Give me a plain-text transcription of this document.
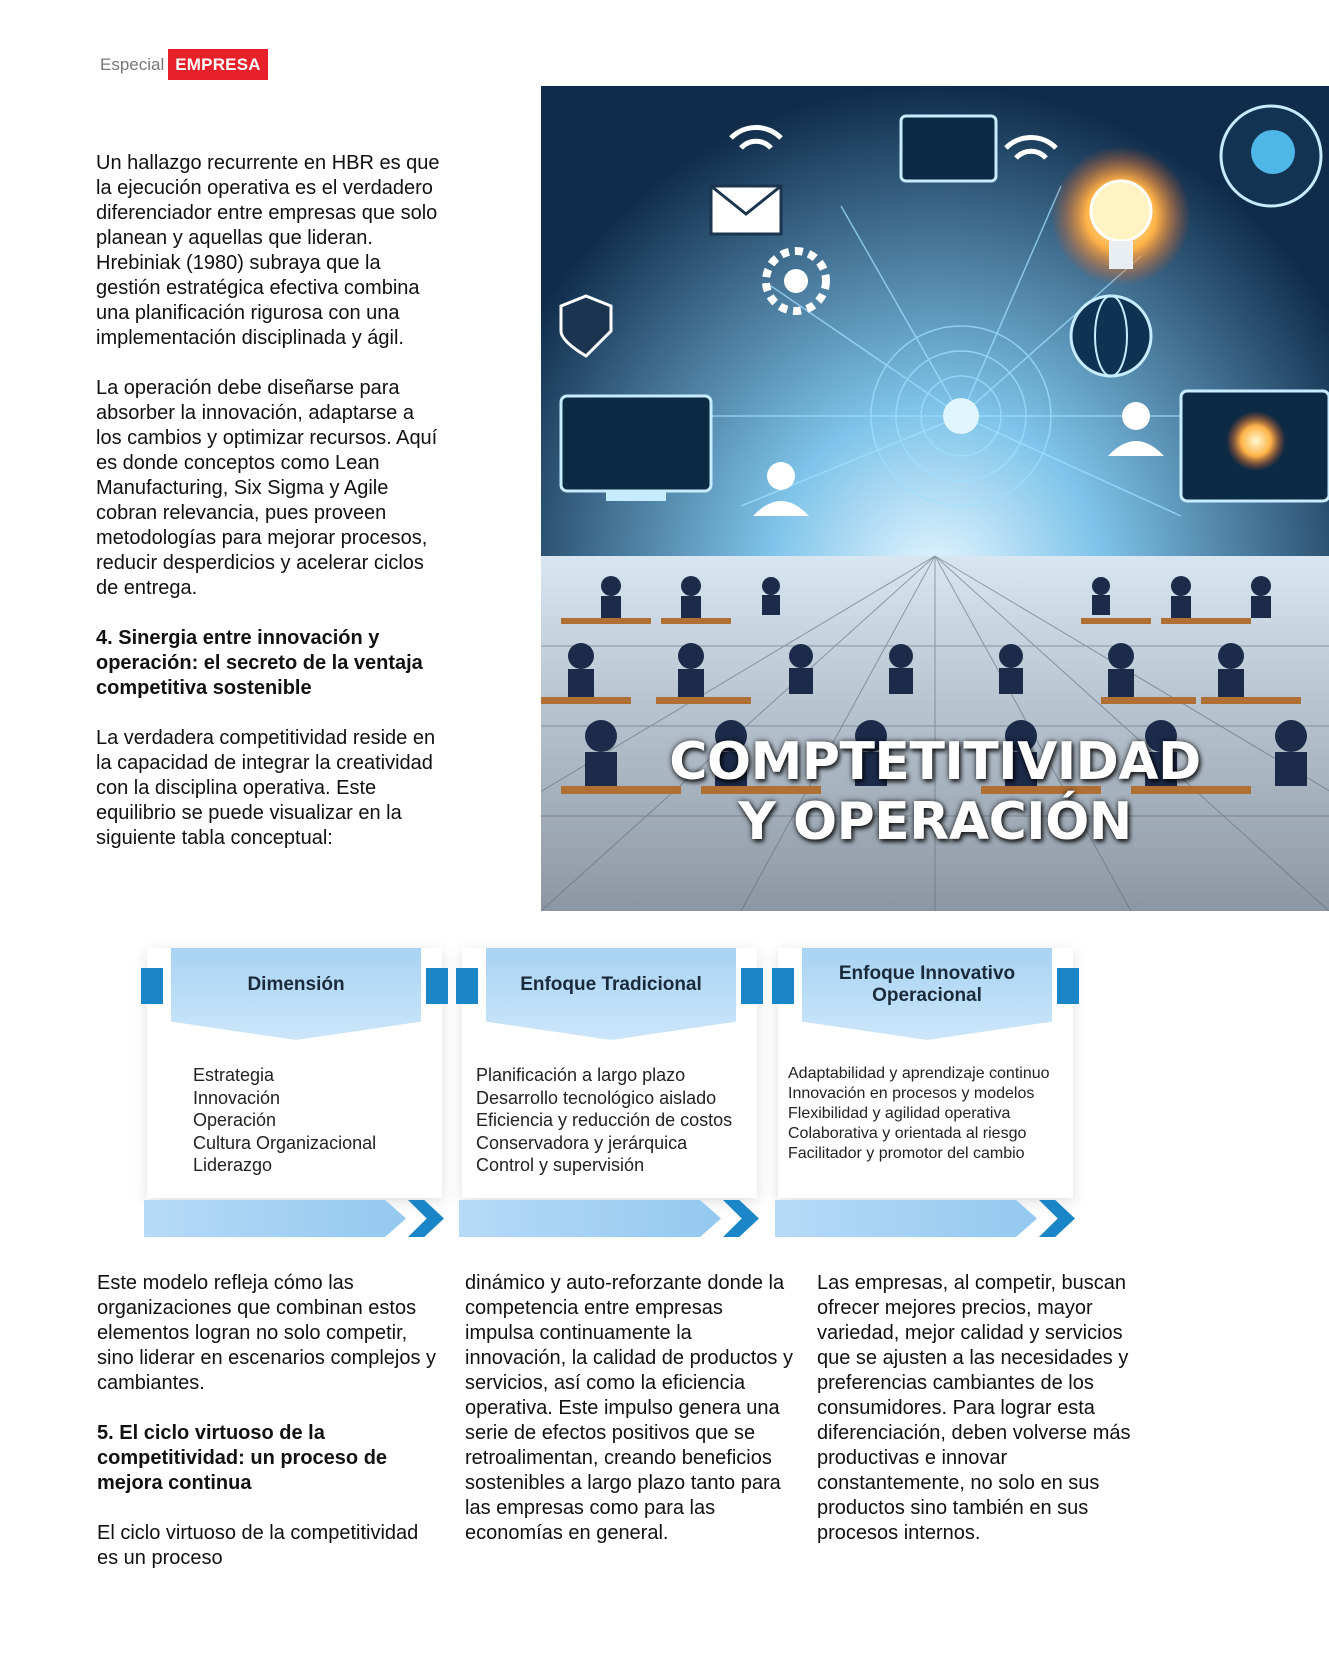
Especial EMPRESA

Un hallazgo recurrente en HBR es que la ejecución operativa es el verdadero diferenciador entre empresas que solo planean y aquellas que lideran. Hrebiniak (1980) subraya que la gestión estratégica efectiva combina una planificación rigurosa con una implementación disciplinada y ágil.

La operación debe diseñarse para absorber la innovación, adaptarse a los cambios y optimizar recursos. Aquí es donde conceptos como Lean Manufacturing, Six Sigma y Agile cobran relevancia, pues proveen metodologías para mejorar procesos, reducir desperdicios y acelerar ciclos de entrega.

4. Sinergia entre innovación y operación: el secreto de la ventaja competitiva sostenible

La verdadera competitividad reside en la capacidad de integrar la creatividad con la disciplina operativa. Este equilibrio se puede visualizar en la siguiente tabla conceptual:

COMPTETITIVIDAD
Y OPERACIÓN
Dimensión
Estrategia
Innovación
Operación
Cultura Organizacional
Liderazgo
Enfoque Tradicional
Planificación a largo plazo
Desarrollo tecnológico aislado
Eficiencia y reducción de costos
Conservadora y jerárquica
Control y supervisión
Enfoque Innovativo Operacional
Adaptabilidad y aprendizaje continuo
Innovación en procesos y modelos
Flexibilidad y agilidad operativa
Colaborativa y orientada al riesgo
Facilitador y promotor del cambio

Este modelo refleja cómo las organizaciones que combinan estos elementos logran no solo competir, sino liderar en escenarios complejos y cambiantes.

5. El ciclo virtuoso de la competitividad: un proceso de mejora continua

El ciclo virtuoso de la competitividad es un proceso

dinámico y auto-reforzante donde la competencia entre empresas impulsa continuamente la innovación, la calidad de productos y servicios, así como la eficiencia operativa. Este impulso genera una serie de efectos positivos que se retroalimentan, creando beneficios sostenibles a largo plazo tanto para las empresas como para las economías en general.

Las empresas, al competir, buscan ofrecer mejores precios, mayor variedad, mejor calidad y servicios que se ajusten a las necesidades y preferencias cambiantes de los consumidores. Para lograr esta diferenciación, deben volverse más productivas e innovar constantemente, no solo en sus productos sino también en sus procesos internos.
